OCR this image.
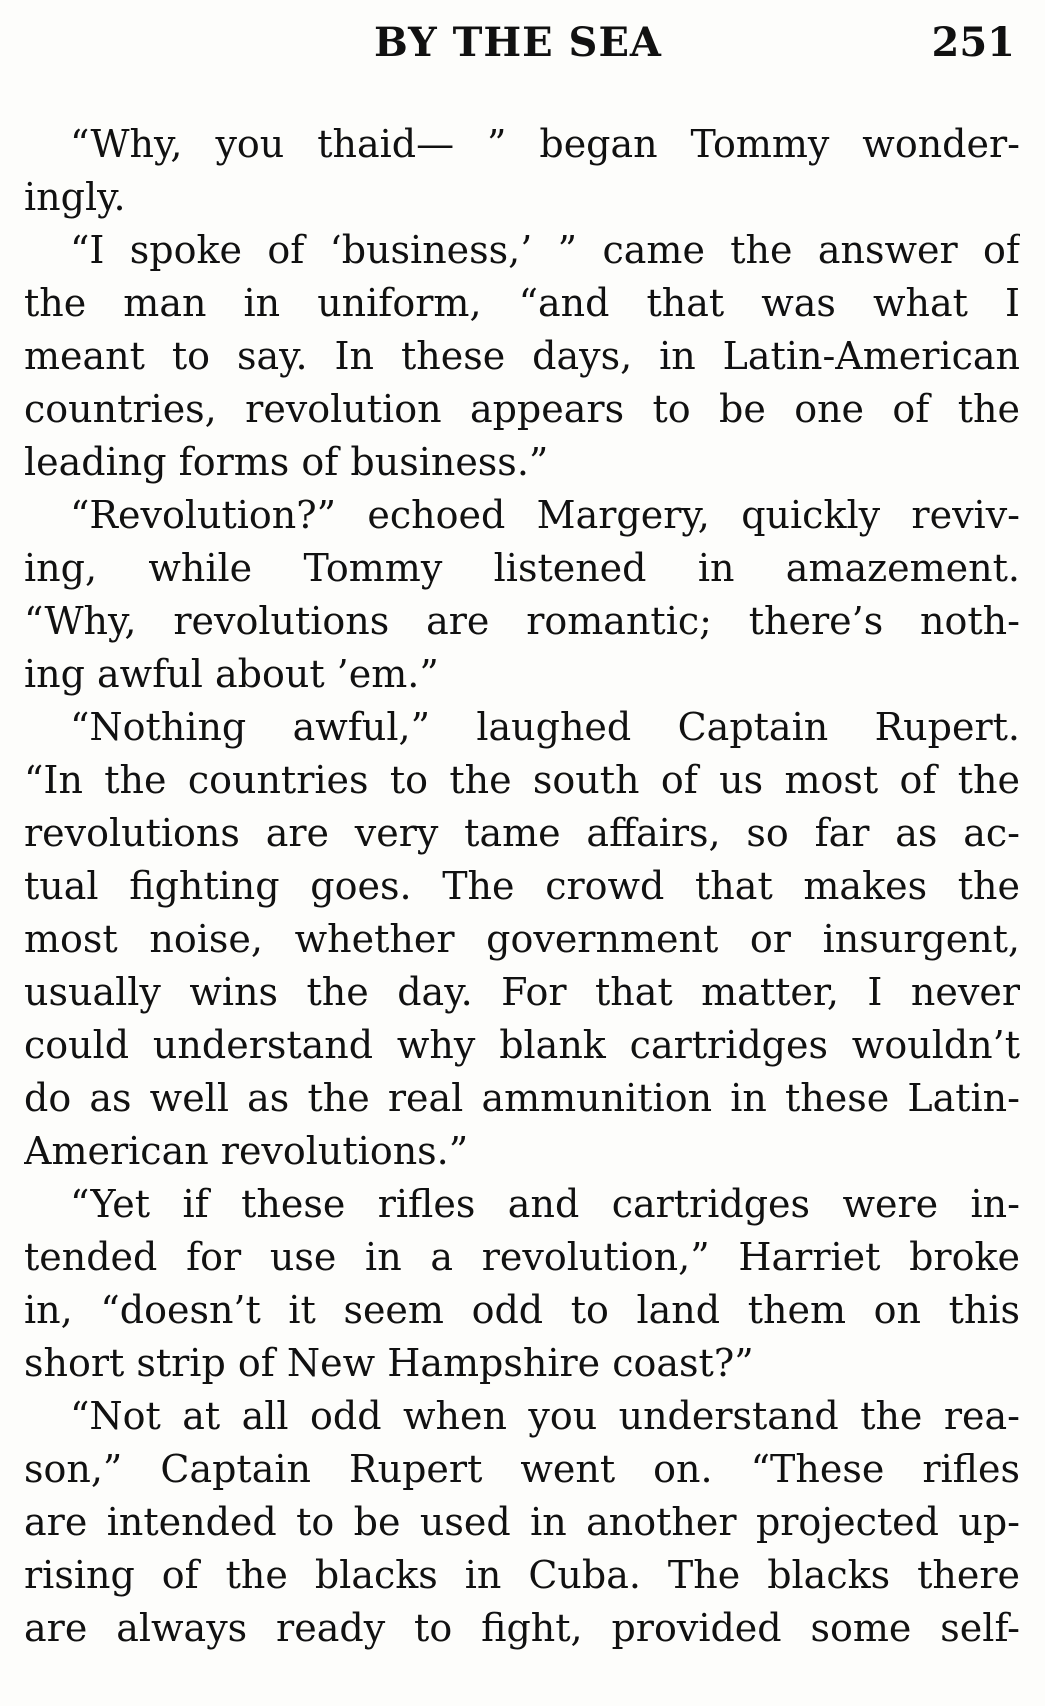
BY THE SEA	251
“Why, you thaid— ” began Tommy wonder-
ingly.
“I spoke of ‘business,’ ” came the answer of
the man in uniform, “and that was what I
meant to say. In these days, in Latin-American
countries, revolution appears to be one of the
leading forms of business.”
“Revolution?” echoed Margery, quickly reviv-
ing, while Tommy listened in amazement.
“Why, revolutions are romantic; there’s noth-
ing awful about ’em.”
“Nothing awful,” laughed Captain Rupert.
“In the countries to the south of us most of the
revolutions are very tame affairs, so far as ac-
tual fighting goes. The crowd that makes the
most noise, whether government or insurgent,
usually wins the day. For that matter, I never
could understand why blank cartridges wouldn’t
do as well as the real ammunition in these Latin-
American revolutions.”
“Yet if these rifles and cartridges were in-
tended for use in a revolution,” Harriet broke
in, “doesn’t it seem odd to land them on this
short strip of New Hampshire coast?”
“Not at all odd when you understand the rea-
son,” Captain Rupert went on. “These rifles
are intended to be used in another projected up-
rising of the blacks in Cuba. The blacks there
are always ready to fight, provided some self-
